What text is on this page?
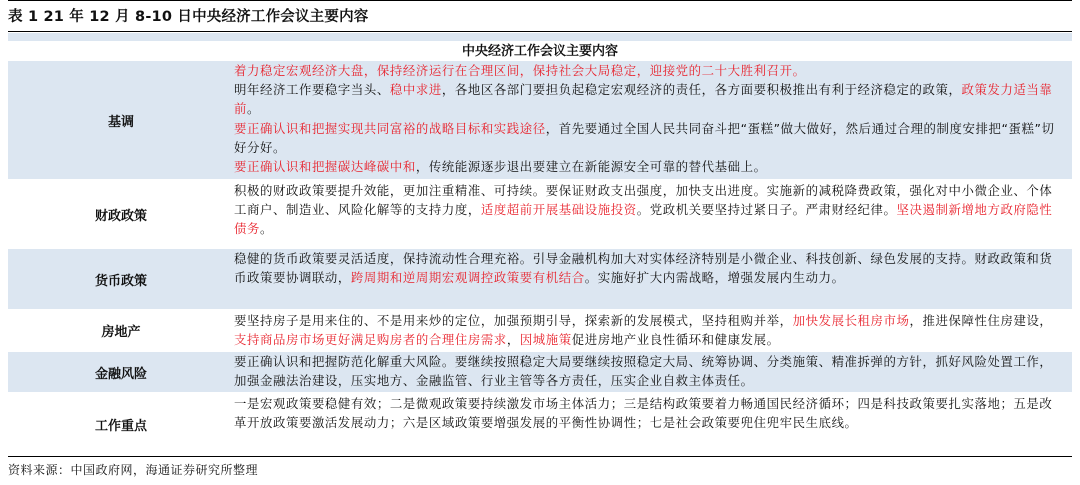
表 1 21 年 12 月 8-10 日中央经济工作会议主要内容
中央经济工作会议主要内容
基调
着力稳定宏观经济大盘，保持经济运行在合理区间，保持社会大局稳定，迎接党的二十大胜利召开。
明年经济工作要稳字当头、稳中求进，各地区各部门要担负起稳定宏观经济的责任，各方面要积极推出有利于经济稳定的政策，政策发力适当靠前。
要正确认识和把握实现共同富裕的战略目标和实践途径，首先要通过全国人民共同奋斗把“蛋糕”做大做好，然后通过合理的制度安排把“蛋糕”切好分好。
要正确认识和把握碳达峰碳中和，传统能源逐步退出要建立在新能源安全可靠的替代基础上。
财政政策
积极的财政政策要提升效能，更加注重精准、可持续。要保证财政支出强度，加快支出进度。实施新的减税降费政策，强化对中小微企业、个体工商户、制造业、风险化解等的支持力度，适度超前开展基础设施投资。党政机关要坚持过紧日子。严肃财经纪律。坚决遏制新增地方政府隐性债务。
货币政策
稳健的货币政策要灵活适度，保持流动性合理充裕。引导金融机构加大对实体经济特别是小微企业、科技创新、绿色发展的支持。财政政策和货币政策要协调联动，跨周期和逆周期宏观调控政策要有机结合。实施好扩大内需战略，增强发展内生动力。
房地产
要坚持房子是用来住的、不是用来炒的定位，加强预期引导，探索新的发展模式，坚持租购并举，加快发展长租房市场，推进保障性住房建设，支持商品房市场更好满足购房者的合理住房需求，因城施策促进房地产业良性循环和健康发展。
金融风险
要正确认识和把握防范化解重大风险。要继续按照稳定大局要继续按照稳定大局、统筹协调、分类施策、精准拆弹的方针，抓好风险处置工作，加强金融法治建设，压实地方、金融监管、行业主管等各方责任，压实企业自救主体责任。
工作重点
一是宏观政策要稳健有效；二是微观政策要持续激发市场主体活力；三是结构政策要着力畅通国民经济循环；四是科技政策要扎实落地；五是改革开放政策要激活发展动力；六是区域政策要增强发展的平衡性协调性；七是社会政策要兜住兜牢民生底线。
资料来源：中国政府网，海通证券研究所整理
